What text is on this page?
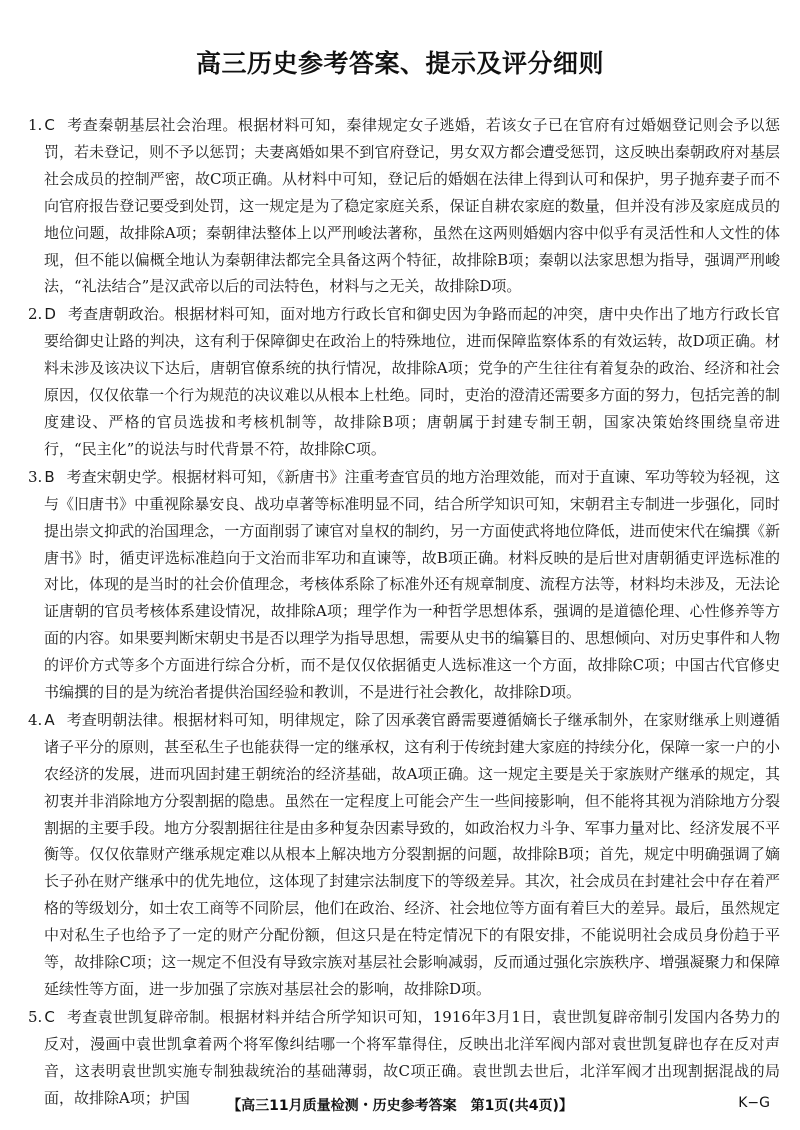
高三历史参考答案、提示及评分细则

1. C 考查秦朝基层社会治理。根据材料可知，秦律规定女子逃婚，若该女子已在官府有过婚姻登记则会予以惩罚，若未登记，则不予以惩罚；夫妻离婚如果不到官府登记，男女双方都会遭受惩罚，这反映出秦朝政府对基层社会成员的控制严密，故C项正确。从材料中可知，登记后的婚姻在法律上得到认可和保护，男子抛弃妻子而不向官府报告登记要受到处罚，这一规定是为了稳定家庭关系，保证自耕农家庭的数量，但并没有涉及家庭成员的地位问题，故排除A项；秦朝律法整体上以严刑峻法著称，虽然在这两则婚姻内容中似乎有灵活性和人文性的体现，但不能以偏概全地认为秦朝律法都完全具备这两个特征，故排除B项；秦朝以法家思想为指导，强调严刑峻法，“礼法结合”是汉武帝以后的司法特色，材料与之无关，故排除D项。

2. D 考查唐朝政治。根据材料可知，面对地方行政长官和御史因为争路而起的冲突，唐中央作出了地方行政长官要给御史让路的判决，这有利于保障御史在政治上的特殊地位，进而保障监察体系的有效运转，故D项正确。材料未涉及该决议下达后，唐朝官僚系统的执行情况，故排除A项；党争的产生往往有着复杂的政治、经济和社会原因，仅仅依靠一个行为规范的决议难以从根本上杜绝。同时，吏治的澄清还需要多方面的努力，包括完善的制度建设、严格的官员选拔和考核机制等，故排除B项；唐朝属于封建专制王朝，国家决策始终围绕皇帝进行，“民主化”的说法与时代背景不符，故排除C项。

3. B 考查宋朝史学。根据材料可知，《新唐书》注重考查官员的地方治理效能，而对于直谏、军功等较为轻视，这与《旧唐书》中重视除暴安良、战功卓著等标准明显不同，结合所学知识可知，宋朝君主专制进一步强化，同时提出崇文抑武的治国理念，一方面削弱了谏官对皇权的制约，另一方面使武将地位降低，进而使宋代在编撰《新唐书》时，循吏评选标准趋向于文治而非军功和直谏等，故B项正确。材料反映的是后世对唐朝循吏评选标准的对比，体现的是当时的社会价值理念，考核体系除了标准外还有规章制度、流程方法等，材料均未涉及，无法论证唐朝的官员考核体系建设情况，故排除A项；理学作为一种哲学思想体系，强调的是道德伦理、心性修养等方面的内容。如果要判断宋朝史书是否以理学为指导思想，需要从史书的编纂目的、思想倾向、对历史事件和人物的评价方式等多个方面进行综合分析，而不是仅仅依据循吏人选标准这一个方面，故排除C项；中国古代官修史书编撰的目的是为统治者提供治国经验和教训，不是进行社会教化，故排除D项。

4. A 考查明朝法律。根据材料可知，明律规定，除了因承袭官爵需要遵循嫡长子继承制外，在家财继承上则遵循诸子平分的原则，甚至私生子也能获得一定的继承权，这有利于传统封建大家庭的持续分化，保障一家一户的小农经济的发展，进而巩固封建王朝统治的经济基础，故A项正确。这一规定主要是关于家族财产继承的规定，其初衷并非消除地方分裂割据的隐患。虽然在一定程度上可能会产生一些间接影响，但不能将其视为消除地方分裂割据的主要手段。地方分裂割据往往是由多种复杂因素导致的，如政治权力斗争、军事力量对比、经济发展不平衡等。仅仅依靠财产继承规定难以从根本上解决地方分裂割据的问题，故排除B项；首先，规定中明确强调了嫡长子孙在财产继承中的优先地位，这体现了封建宗法制度下的等级差异。其次，社会成员在封建社会中存在着严格的等级划分，如士农工商等不同阶层，他们在政治、经济、社会地位等方面有着巨大的差异。最后，虽然规定中对私生子也给予了一定的财产分配份额，但这只是在特定情况下的有限安排，不能说明社会成员身份趋于平等，故排除C项；这一规定不但没有导致宗族对基层社会影响减弱，反而通过强化宗族秩序、增强凝聚力和保障延续性等方面，进一步加强了宗族对基层社会的影响，故排除D项。

5. C 考查袁世凯复辟帝制。根据材料并结合所学知识可知，1916年3月1日，袁世凯复辟帝制引发国内各势力的反对，漫画中袁世凯拿着两个将军像纠结哪一个将军靠得住，反映出北洋军阀内部对袁世凯复辟也存在反对声音，这表明袁世凯实施专制独裁统治的基础薄弱，故C项正确。袁世凯去世后，北洋军阀才出现割据混战的局面，故排除A项；护国	【高三11月质量检测・历史参考答案　第1页(共4页)】	K−G
